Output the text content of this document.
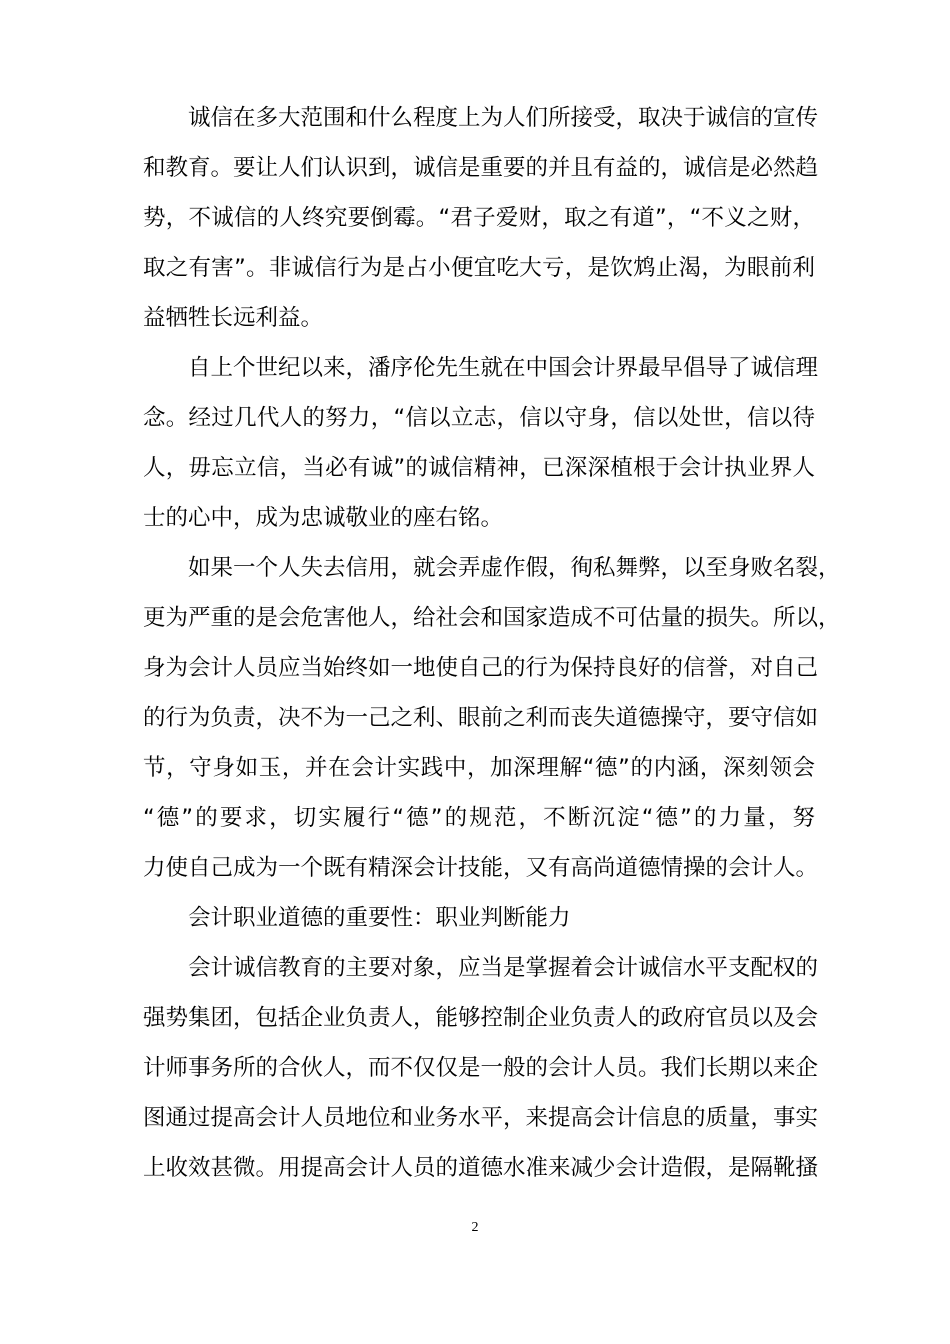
诚信在多大范围和什么程度上为人们所接受，取决于诚信的宣传
和教育。要让人们认识到，诚信是重要的并且有益的，诚信是必然趋
势，不诚信的人终究要倒霉。“君子爱财，取之有道”，“不义之财，
取之有害”。非诚信行为是占小便宜吃大亏，是饮鸩止渴，为眼前利
益牺牲长远利益。
自上个世纪以来，潘序伦先生就在中国会计界最早倡导了诚信理
念。经过几代人的努力，“信以立志，信以守身，信以处世，信以待
人，毋忘立信，当必有诚”的诚信精神，已深深植根于会计执业界人
士的心中，成为忠诚敬业的座右铭。
如果一个人失去信用，就会弄虚作假，徇私舞弊，以至身败名裂，
更为严重的是会危害他人，给社会和国家造成不可估量的损失。所以，
身为会计人员应当始终如一地使自己的行为保持良好的信誉，对自己
的行为负责，决不为一己之利、眼前之利而丧失道德操守，要守信如
节，守身如玉，并在会计实践中，加深理解“德”的内涵，深刻领会
“德”的要求，切实履行“德”的规范，不断沉淀“德”的力量，努
力使自己成为一个既有精深会计技能，又有高尚道德情操的会计人。
会计职业道德的重要性：职业判断能力
会计诚信教育的主要对象，应当是掌握着会计诚信水平支配权的
强势集团，包括企业负责人，能够控制企业负责人的政府官员以及会
计师事务所的合伙人，而不仅仅是一般的会计人员。我们长期以来企
图通过提高会计人员地位和业务水平，来提高会计信息的质量，事实
上收效甚微。用提高会计人员的道德水准来减少会计造假，是隔靴搔
2
